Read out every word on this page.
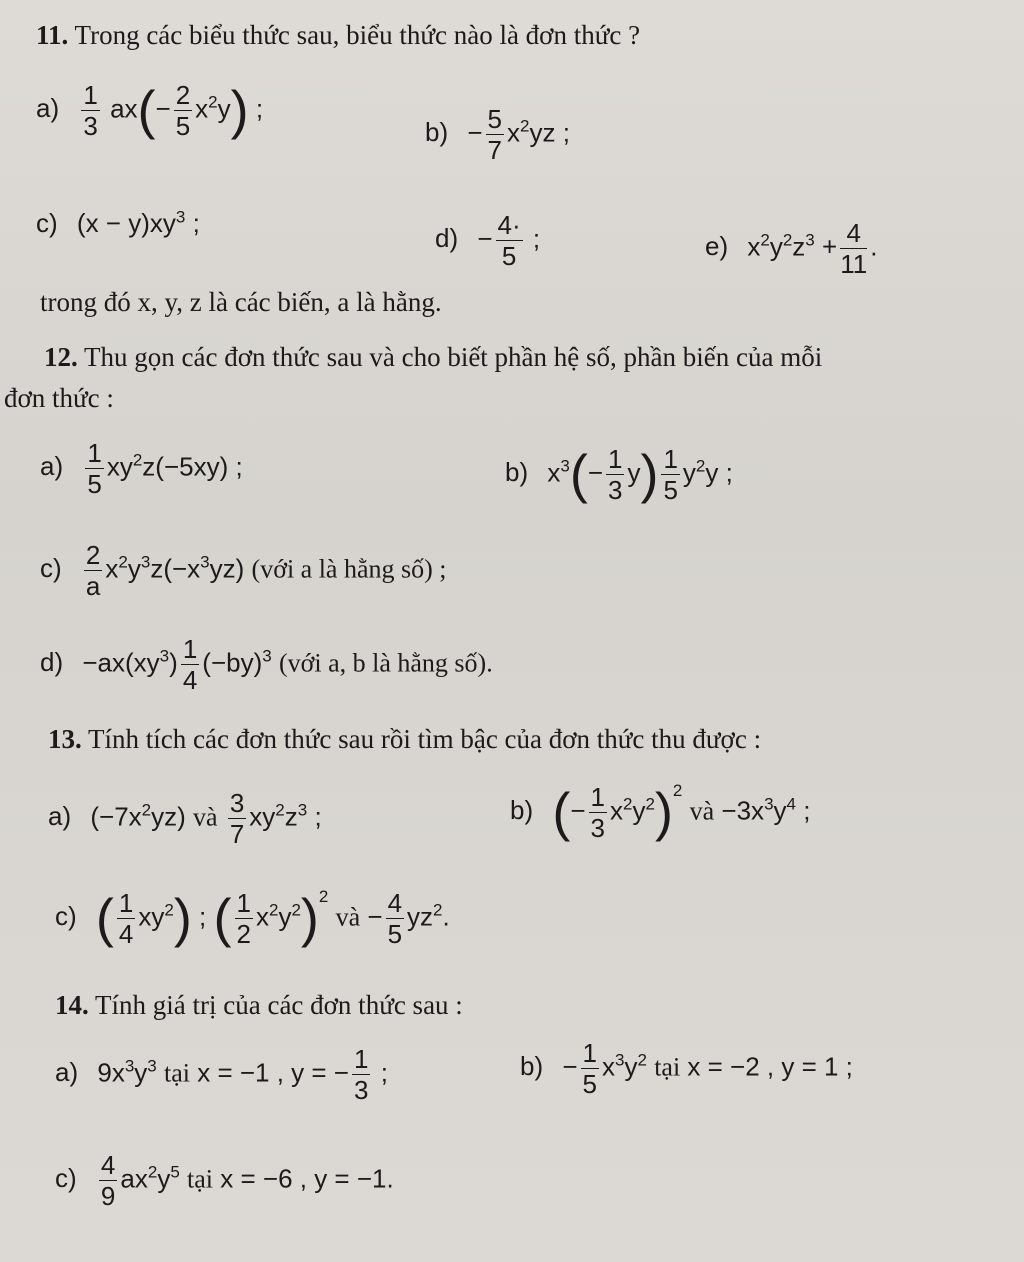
11. Trong các biểu thức sau, biểu thức nào là đơn thức ?
$a) \frac{1}{3} ax(- \frac{2}{5} x^2y)$ ;
$b) - \frac{5}{7} x^2yz$ ;
c) $(x - y)xy^3$ ;
$d) - \frac{4\cdot}{5}$ ;	e) $x^2y^2z^3 + \frac{4}{11}$ .
trong đó x, y, z là các biến, a là hằng.
12. Thu gọn các đơn thức sau và cho biết phần hệ số, phần biến của mỗi
đơn thức :
$a) \frac{1}{5} xy^2z(-5xy)$ ;	b) $x^3(- \frac{1}{3} y) \frac{1}{5} y^2y$ ;
$c) \frac{2}{a} x^2y^3z(-x^3yz)$ (với a là hằng số) ;
$d) -ax(xy^3) \frac{1}{4} (-by)^3$ (với a, b là hằng số).
13. Tính tích các đơn thức sau rồi tìm bậc của đơn thức thu được :
a) $(-7x^2yz)$ và $\frac{3}{7} xy^2z^3$ ;	b) (− $\frac{1}{3} x^2y^2)^2$ và $-3x^3y^4$ ;
c) ( $\frac{1}{4} xy^2$) ; ( $\frac{1}{2} x^2y^2)^2$ và − $\frac{4}{5} yz^2$.
14. Tính giá trị của các đơn thức sau :
a) $9x^3y^3$ tại x = −1 , y = − $\frac{1}{3}$ ;	$b) - \frac{1}{5} x^3y^2$ tại x = −2 , y = 1 ;
$c) \frac{4}{9} ax^2y^5$ tại x = −6 , y = −1.
